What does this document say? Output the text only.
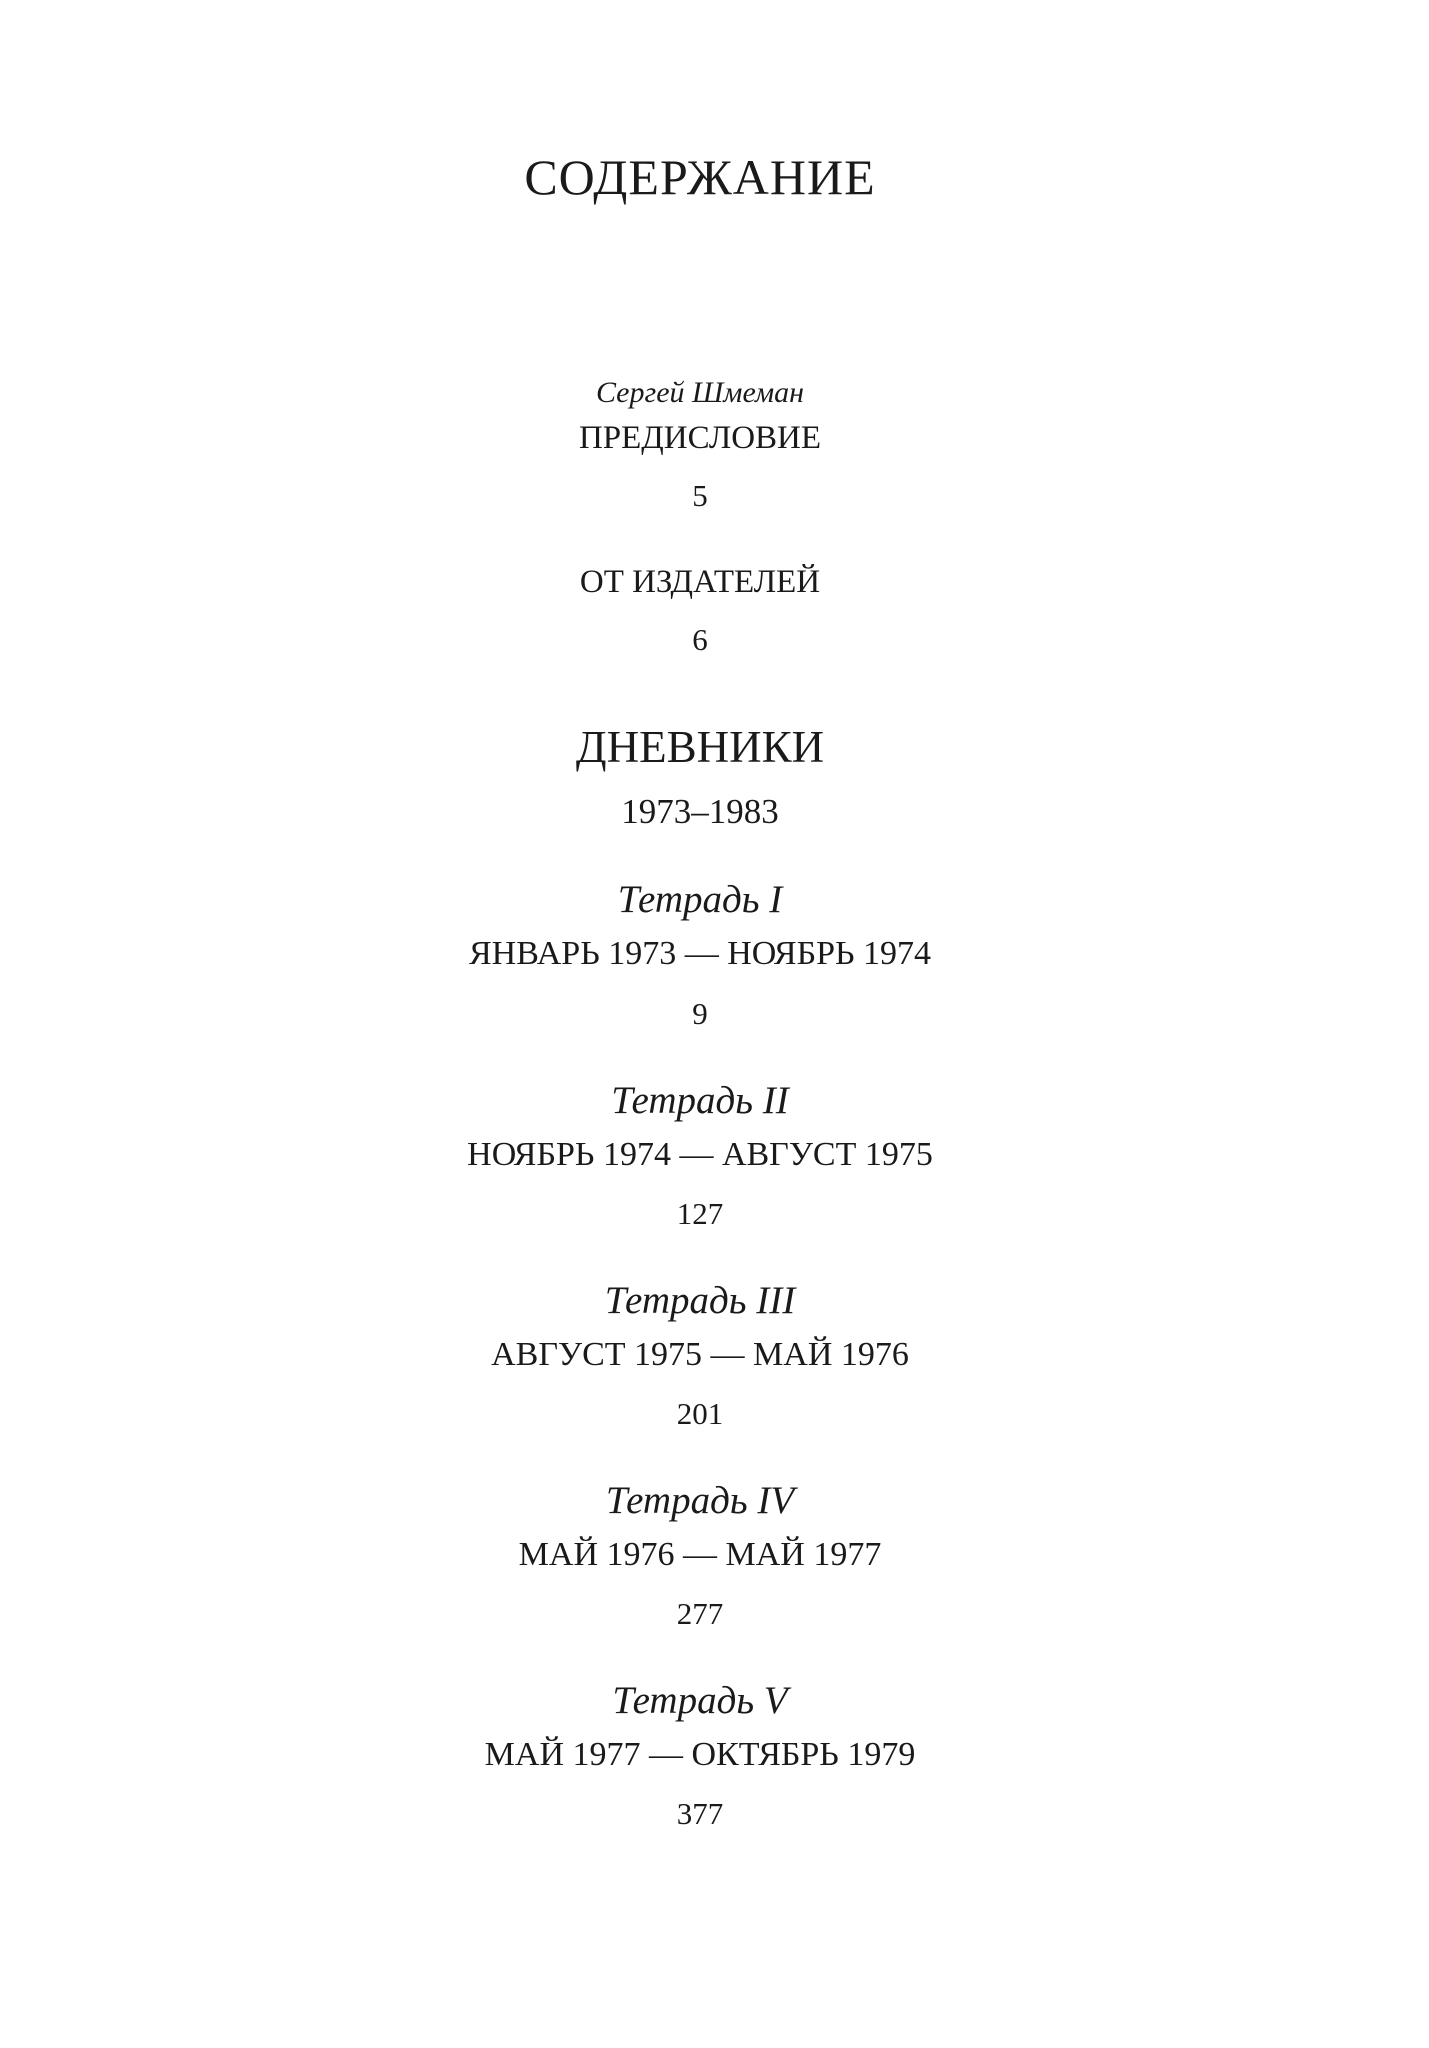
СОДЕРЖАНИЕ
Сергей Шмеман
ПРЕДИСЛОВИЕ
5
ОТ ИЗДАТЕЛЕЙ
6
ДНЕВНИКИ
1973–1983
Тетрадь I
ЯНВАРЬ 1973 — НОЯБРЬ 1974
9
Тетрадь II
НОЯБРЬ 1974 — АВГУСТ 1975
127
Тетрадь III
АВГУСТ 1975 — МАЙ 1976
201
Тетрадь IV
МАЙ 1976 — МАЙ 1977
277
Тетрадь V
МАЙ 1977 — ОКТЯБРЬ 1979
377
